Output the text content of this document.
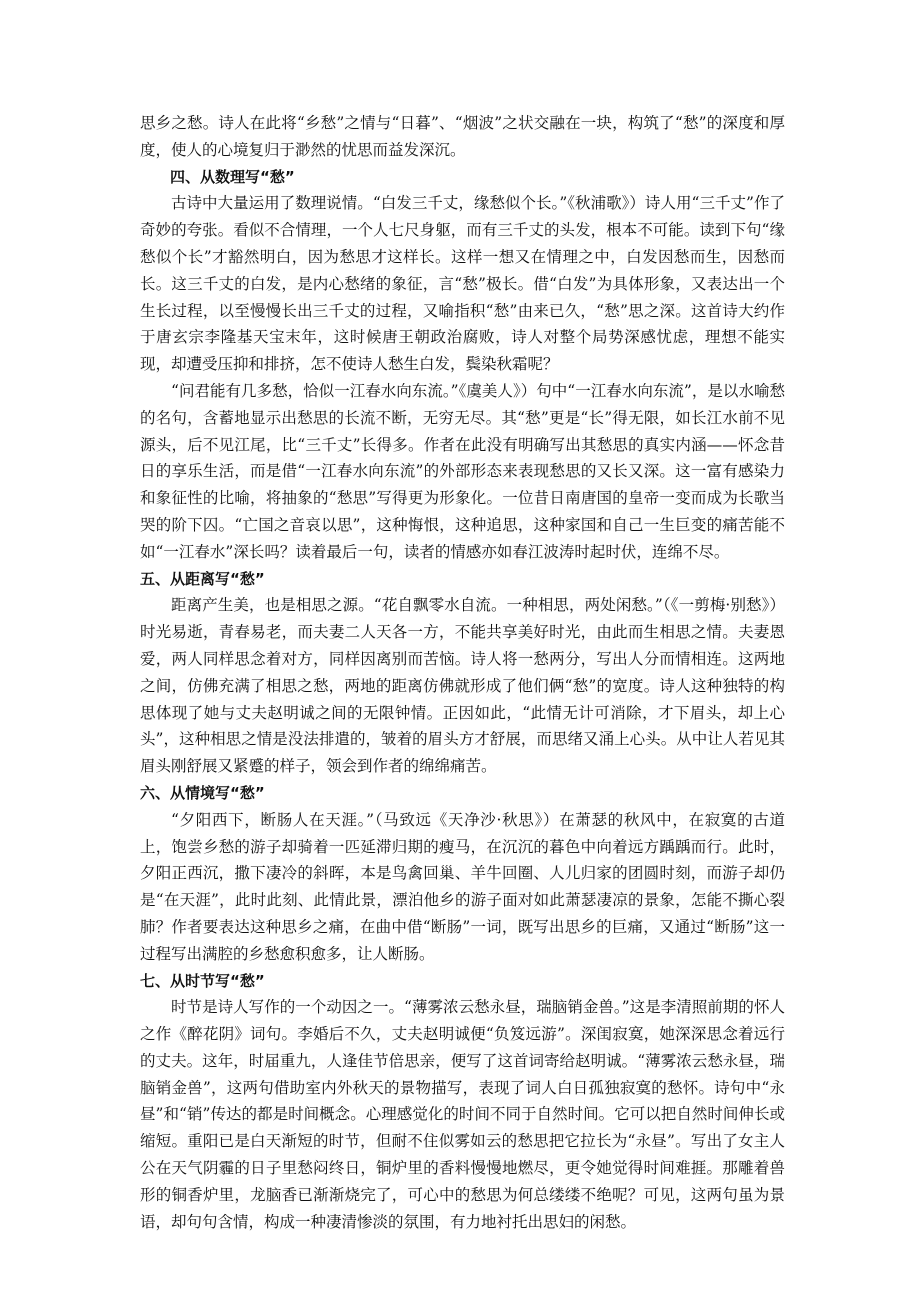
思乡之愁。诗人在此将“乡愁”之情与“日暮”、“烟波”之状交融在一块，构筑了“愁”的深度和厚度，使人的心境复归于渺然的忧思而益发深沉。

四、从数理写“愁”

古诗中大量运用了数理说情。“白发三千丈，缘愁似个长。”《秋浦歌》）诗人用“三千丈”作了奇妙的夸张。看似不合情理，一个人七尺身躯，而有三千丈的头发，根本不可能。读到下句“缘愁似个长”才豁然明白，因为愁思才这样长。这样一想又在情理之中，白发因愁而生，因愁而长。这三千丈的白发，是内心愁绪的象征，言“愁”极长。借“白发”为具体形象，又表达出一个生长过程，以至慢慢长出三千丈的过程，又喻指积“愁”由来已久，“愁”思之深。这首诗大约作于唐玄宗李隆基天宝末年，这时候唐王朝政治腐败，诗人对整个局势深感忧虑，理想不能实现，却遭受压抑和排挤，怎不使诗人愁生白发，鬓染秋霜呢？

“问君能有几多愁，恰似一江春水向东流。”《虞美人》）句中“一江春水向东流”，是以水喻愁的名句，含蓄地显示出愁思的长流不断，无穷无尽。其“愁”更是“长”得无限，如长江水前不见源头，后不见江尾，比“三千丈”长得多。作者在此没有明确写出其愁思的真实内涵——怀念昔日的享乐生活，而是借“一江春水向东流”的外部形态来表现愁思的又长又深。这一富有感染力和象征性的比喻，将抽象的“愁思”写得更为形象化。一位昔日南唐国的皇帝一变而成为长歌当哭的阶下囚。“亡国之音哀以思”，这种悔恨，这种追思，这种家国和自己一生巨变的痛苦能不如“一江春水”深长吗？读着最后一句，读者的情感亦如春江波涛时起时伏，连绵不尽。

五、从距离写“愁”

距离产生美，也是相思之源。“花自飘零水自流。一种相思，两处闲愁。”（《一剪梅·别愁》）时光易逝，青春易老，而夫妻二人天各一方，不能共享美好时光，由此而生相思之情。夫妻恩爱，两人同样思念着对方，同样因离别而苦恼。诗人将一愁两分，写出人分而情相连。这两地之间，仿佛充满了相思之愁，两地的距离仿佛就形成了他们俩“愁”的宽度。诗人这种独特的构思体现了她与丈夫赵明诚之间的无限钟情。正因如此，“此情无计可消除，才下眉头，却上心头”，这种相思之情是没法排遣的，皱着的眉头方才舒展，而思绪又涌上心头。从中让人若见其眉头刚舒展又紧蹙的样子，领会到作者的绵绵痛苦。

六、从情境写“愁”

“夕阳西下，断肠人在天涯。”（马致远《天净沙·秋思》）在萧瑟的秋风中，在寂寞的古道上，饱尝乡愁的游子却骑着一匹延滞归期的瘦马，在沉沉的暮色中向着远方踽踽而行。此时，夕阳正西沉，撒下凄冷的斜晖，本是鸟禽回巢、羊牛回圈、人儿归家的团圆时刻，而游子却仍是“在天涯”，此时此刻、此情此景，漂泊他乡的游子面对如此萧瑟凄凉的景象，怎能不撕心裂肺？作者要表达这种思乡之痛，在曲中借“断肠”一词，既写出思乡的巨痛，又通过“断肠”这一过程写出满腔的乡愁愈积愈多，让人断肠。

七、从时节写“愁”

时节是诗人写作的一个动因之一。“薄雾浓云愁永昼，瑞脑销金兽。”这是李清照前期的怀人之作《醉花阴》词句。李婚后不久，丈夫赵明诚便“负笈远游”。深闺寂寞，她深深思念着远行的丈夫。这年，时届重九，人逢佳节倍思亲，便写了这首词寄给赵明诚。“薄雾浓云愁永昼，瑞脑销金兽”，这两句借助室内外秋天的景物描写，表现了词人白日孤独寂寞的愁怀。诗句中“永昼”和“销”传达的都是时间概念。心理感觉化的时间不同于自然时间。它可以把自然时间伸长或缩短。重阳已是白天渐短的时节，但耐不住似雾如云的愁思把它拉长为“永昼”。写出了女主人公在天气阴霾的日子里愁闷终日，铜炉里的香料慢慢地燃尽，更令她觉得时间难捱。那雕着兽形的铜香炉里，龙脑香已渐渐烧完了，可心中的愁思为何总缕缕不绝呢？可见，这两句虽为景语，却句句含情，构成一种凄清惨淡的氛围，有力地衬托出思妇的闲愁。
